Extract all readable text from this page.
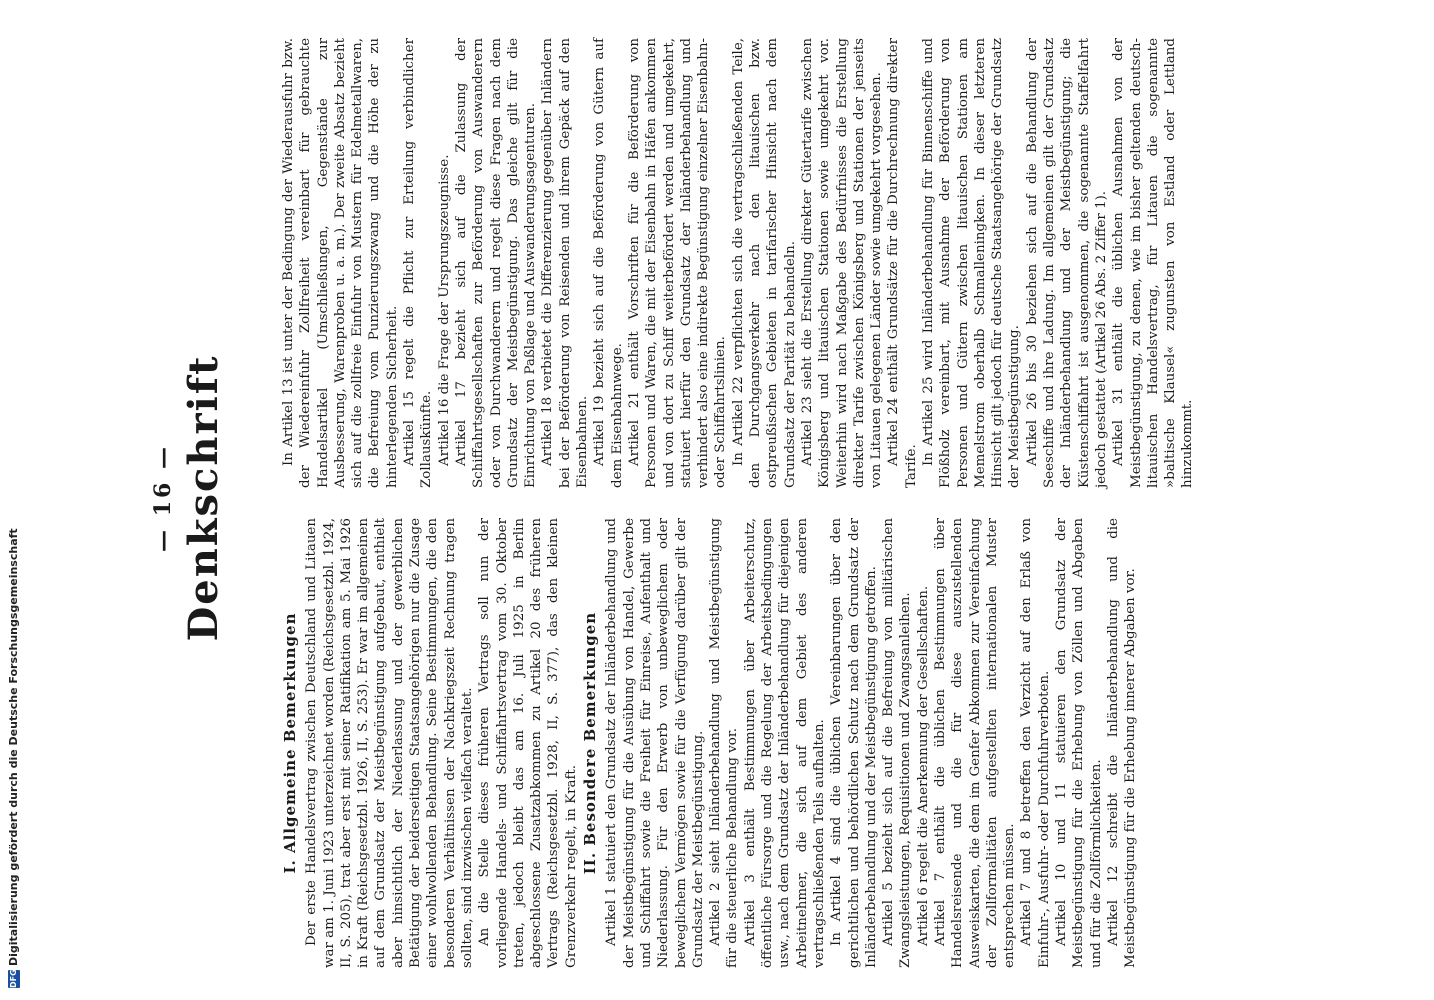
— 16 — Denkschrift
I. Allgemeine Bemerkungen Der erste Handelsvertrag zwischen Deutschland und Litauen war am 1. Juni 1923 unterzeichnet worden (Reichsgesetzbl. 1924, II, S. 205), trat aber erst mit seiner Ratifikation am 5. Mai 1926 in Kraft (Reichsgesetzbl. 1926, II, S. 253). Er war im allgemeinen auf dem Grundsatz der Meistbegünstigung aufgebaut, enthielt aber hinsichtlich der Niederlassung und der gewerblichen Betätigung der beiderseitigen Staatsangehörigen nur die Zusage einer wohlwollenden Behandlung. Seine Bestimmungen, die den besonderen Verhältnissen der Nachkriegszeit Rechnung tragen sollten, sind inzwischen vielfach veraltet. An die Stelle dieses früheren Vertrags soll nun der vorliegende Handels- und Schiffahrtsvertrag vom 30. Oktober treten, jedoch bleibt das am 16. Juli 1925 in Berlin abgeschlossene Zusatzabkommen zu Artikel 20 des früheren Vertrags (Reichsgesetzbl. 1928, II, S. 377), das den kleinen Grenzverkehr regelt, in Kraft. II. Besondere Bemerkungen Artikel 1 statuiert den Grundsatz der Inländerbehandlung und der Meistbegünstigung für die Ausübung von Handel, Gewerbe und Schiffahrt sowie die Freiheit für Einreise, Aufenthalt und Niederlassung. Für den Erwerb von unbeweglichem oder beweglichem Vermögen sowie für die Verfügung darüber gilt der Grundsatz der Meistbegünstigung. Artikel 2 sieht Inländerbehandlung und Meistbegünstigung für die steuerliche Behandlung vor. Artikel 3 enthält Bestimmungen über Arbeiterschutz, öffentliche Fürsorge und die Regelung der Arbeitsbedingungen usw., nach dem Grundsatz der Inländerbehandlung für diejenigen Arbeitnehmer, die sich auf dem Gebiet des anderen vertragschließenden Teils aufhalten. In Artikel 4 sind die üblichen Vereinbarungen über den gerichtlichen und behördlichen Schutz nach dem Grundsatz der Inländerbehandlung und der Meistbegünstigung getroffen. Artikel 5 bezieht sich auf die Befreiung von militärischen Zwangsleistungen, Requisitionen und Zwangsanleihen. Artikel 6 regelt die Anerkennung der Gesellschaften. Artikel 7 enthält die üblichen Bestimmungen über Handelsreisende und die für diese auszustellenden Ausweiskarten, die dem im Genfer Abkommen zur Vereinfachung der Zollformalitäten aufgestellten internationalen Muster entsprechen müssen. Artikel 7 und 8 betreffen den Verzicht auf den Erlaß von Einfuhr-, Ausfuhr- oder Durchfuhrverboten. Artikel 10 und 11 statuieren den Grundsatz der Meistbegünstigung für die Erhebung von Zöllen und Abgaben und für die Zollförmlichkeiten. Artikel 12 schreibt die Inländerbehandlung und die Meistbegünstigung für die Erhebung innerer Abgaben vor.

In Artikel 13 ist unter der Bedingung der Wiederausfuhr bzw. der Wiedereinfuhr Zollfreiheit vereinbart für gebrauchte Handelsartikel (Umschließungen, Gegenstände zur Ausbesserung, Warenproben u. a. m.). Der zweite Absatz bezieht sich auf die zollfreie Einfuhr von Mustern für Edelmetallwaren, die Befreiung vom Punzierungszwang und die Höhe der zu hinterlegenden Sicherheit. Artikel 15 regelt die Pflicht zur Erteilung verbindlicher Zollauskünfte. Artikel 16 die Frage der Ursprungszeugnisse. Artikel 17 bezieht sich auf die Zulassung der Schiffahrtsgesellschaften zur Beförderung von Auswanderern oder von Durchwanderern und regelt diese Fragen nach dem Grundsatz der Meistbegünstigung. Das gleiche gilt für die Einrichtung von Paßlage und Auswanderungsagenturen. Artikel 18 verbietet die Differenzierung gegenüber Inländern bei der Beförderung von Reisenden und ihrem Gepäck auf den Eisenbahnen. Artikel 19 bezieht sich auf die Beförderung von Gütern auf dem Eisenbahnwege. Artikel 21 enthält Vorschriften für die Beförderung von Personen und Waren, die mit der Eisenbahn in Häfen ankommen und von dort zu Schiff weiterbefördert werden und umgekehrt, statuiert hierfür den Grundsatz der Inländerbehandlung und verhindert also eine indirekte Begünstigung einzelner Eisenbahn- oder Schiffahrtslinien. In Artikel 22 verpflichten sich die vertragschließenden Teile, den Durchgangsverkehr nach den litauischen bzw. ostpreußischen Gebieten in tarifarischer Hinsicht nach dem Grundsatz der Parität zu behandeln. Artikel 23 sieht die Erstellung direkter Gütertarife zwischen Königsberg und litauischen Stationen sowie umgekehrt vor. Weiterhin wird nach Maßgabe des Bedürfnisses die Erstellung direkter Tarife zwischen Königsberg und Stationen der jenseits von Litauen gelegenen Länder sowie umgekehrt vorgesehen. Artikel 24 enthält Grundsätze für die Durchrechnung direkter Tarife.

In Artikel 25 wird Inländerbehandlung für Binnenschiffe und Flößholz vereinbart, mit Ausnahme der Beförderung von Personen und Gütern zwischen litauischen Stationen am Memelstrom oberhalb Schmalleningken. In dieser letzteren Hinsicht gilt jedoch für deutsche Staatsangehörige der Grundsatz der Meistbegünstigung. Artikel 26 bis 30 beziehen sich auf die Behandlung der Seeschiffe und ihre Ladung. Im allgemeinen gilt der Grundsatz der Inländerbehandlung und der Meistbegünstigung; die Küstenschiffahrt ist ausgenommen, die sogenannte Staffelfahrt jedoch gestattet (Artikel 26 Abs. 2 Ziffer 1). Artikel 31 enthält die üblichen Ausnahmen von der Meistbegünstigung, zu denen, wie im bisher geltenden deutsch-litauischen Handelsvertrag, für Litauen die sogenannte »baltische Klausel« zugunsten von Estland oder Lettland hinzukommt.

DFGDigitalisierung gefördert durch die Deutsche Forschungsgemeinschaft
